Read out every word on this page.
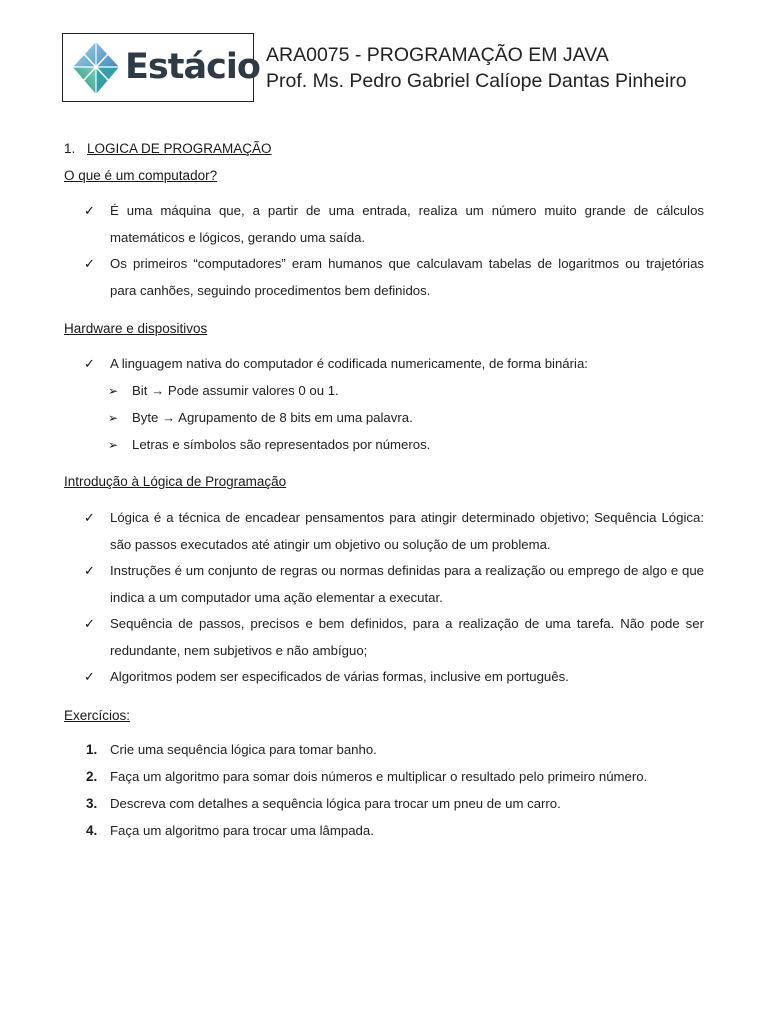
Estácio ARA0075 - PROGRAMAÇÃO EM JAVA
Prof. Ms. Pedro Gabriel Calíope Dantas Pinheiro
1. LOGICA DE PROGRAMAÇÃO
O que é um computador?
✓ É uma máquina que, a partir de uma entrada, realiza um número muito grande de cálculos matemáticos e lógicos, gerando uma saída.
✓ Os primeiros “computadores” eram humanos que calculavam tabelas de logaritmos ou trajetórias para canhões, seguindo procedimentos bem definidos.
Hardware e dispositivos
✓ A linguagem nativa do computador é codificada numericamente, de forma binária:
➢ Bit → Pode assumir valores 0 ou 1.
➢ Byte → Agrupamento de 8 bits em uma palavra.
➢ Letras e símbolos são representados por números.
Introdução à Lógica de Programação
✓ Lógica é a técnica de encadear pensamentos para atingir determinado objetivo; Sequência Lógica: são passos executados até atingir um objetivo ou solução de um problema.
✓ Instruções é um conjunto de regras ou normas definidas para a realização ou emprego de algo e que indica a um computador uma ação elementar a executar.
✓ Sequência de passos, precisos e bem definidos, para a realização de uma tarefa. Não pode ser redundante, nem subjetivos e não ambíguo;
✓ Algoritmos podem ser especificados de várias formas, inclusive em português.
Exercícios:
1. Crie uma sequência lógica para tomar banho.
2. Faça um algoritmo para somar dois números e multiplicar o resultado pelo primeiro número.
3. Descreva com detalhes a sequência lógica para trocar um pneu de um carro.
4. Faça um algoritmo para trocar uma lâmpada.
